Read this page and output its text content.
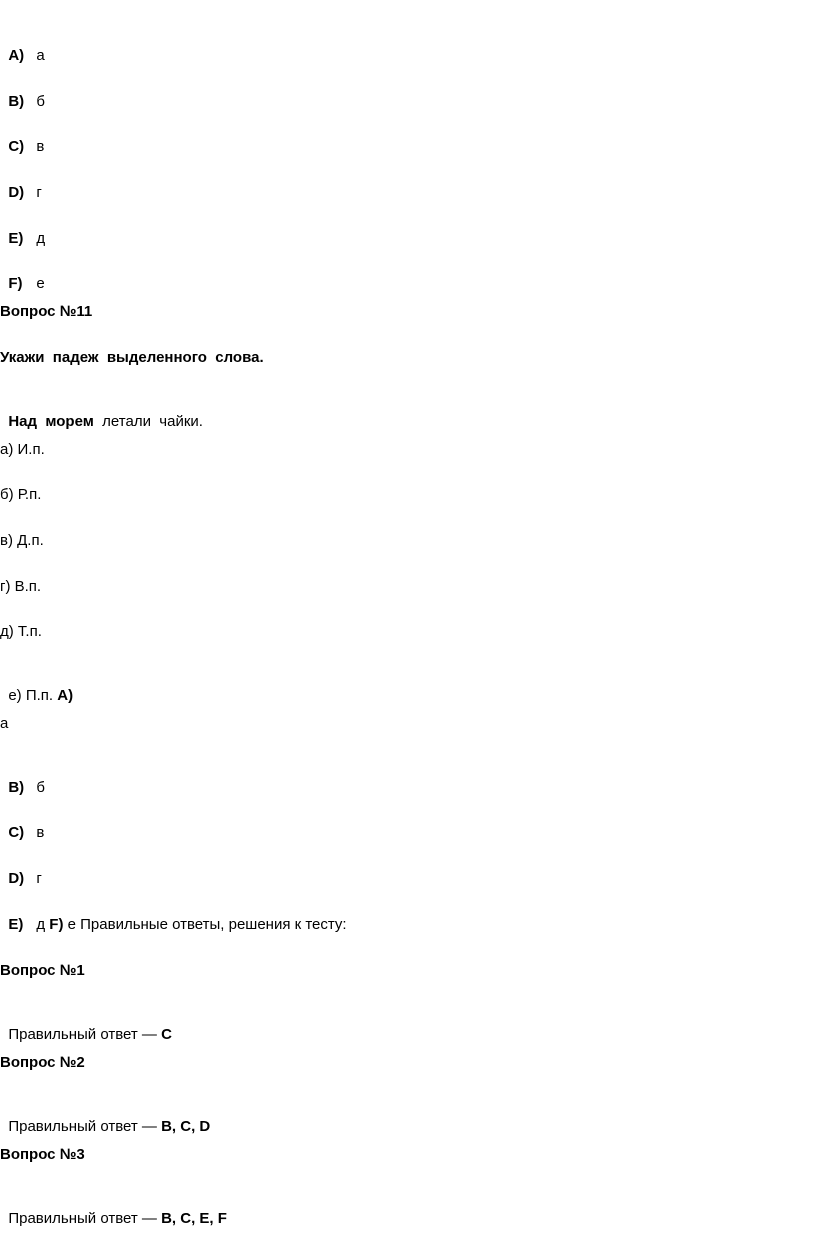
A) а

B) б

C) в

D) г

E) д

F) е

Вопрос №11
Укажи  падеж  выделенного  слова.

Над  морем  летали  чайки.

а) И.п.
б) Р.п.
в) Д.п.
г) В.п.
д) Т.п.

е) П.п. A)

а

B) б

C) в

D) г

E) д F) е Правильные ответы, решения к тесту:

Вопрос №1

Правильный ответ — C

Вопрос №2

Правильный ответ — B, C, D

Вопрос №3

Правильный ответ — B, C, E, F
